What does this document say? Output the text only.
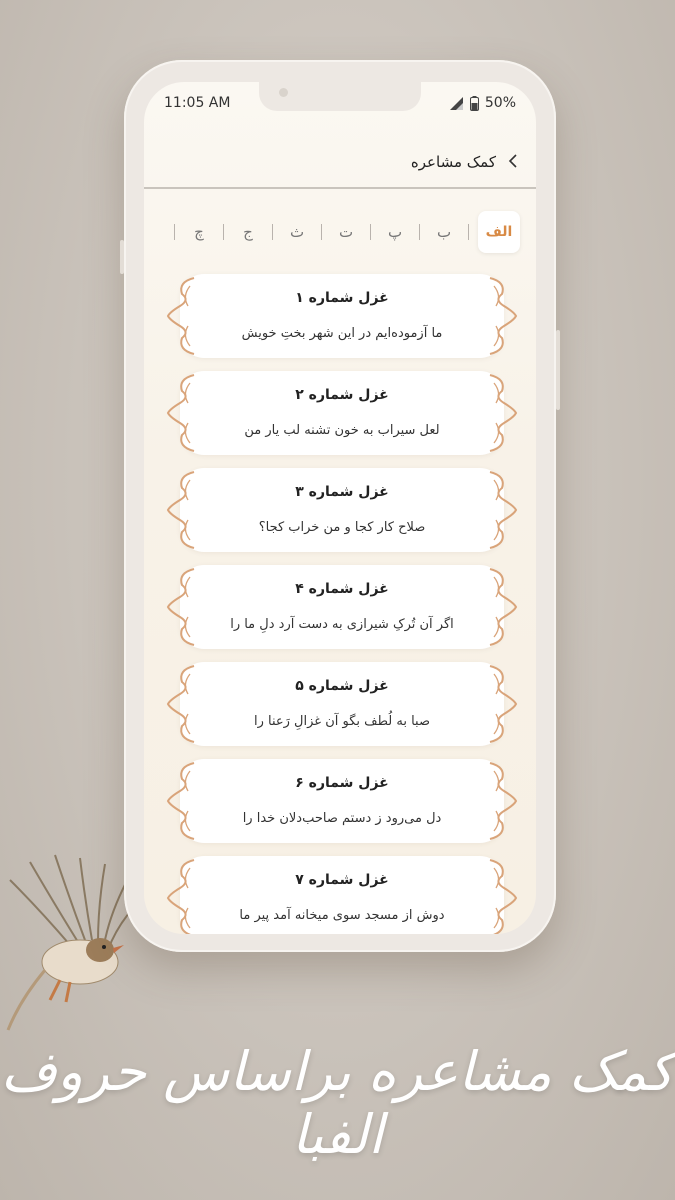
11:05 AM	50%
کمک مشاعره
الف
ب
پ
ت
ث
ج
چ
غزل شماره ۱
ما آزموده‌ایم در این شهر بختِ خویش
غزل شماره ۲
لعل سیراب به خون تشنه لب یار من
غزل شماره ۳
صلاح کار کجا و من خراب کجا؟
غزل شماره ۴
اگر آن تُرکِ شیرازی به دست آرد دلِ ما را
غزل شماره ۵
صبا به لُطف بگو آن غزالِ رَعنا را
غزل شماره ۶
دل می‌رود ز دستم صاحب‌دلان خدا را
غزل شماره ۷
دوش از مسجد سوی میخانه آمد پیر ما
کمک مشاعره براساس حروف الفبا
